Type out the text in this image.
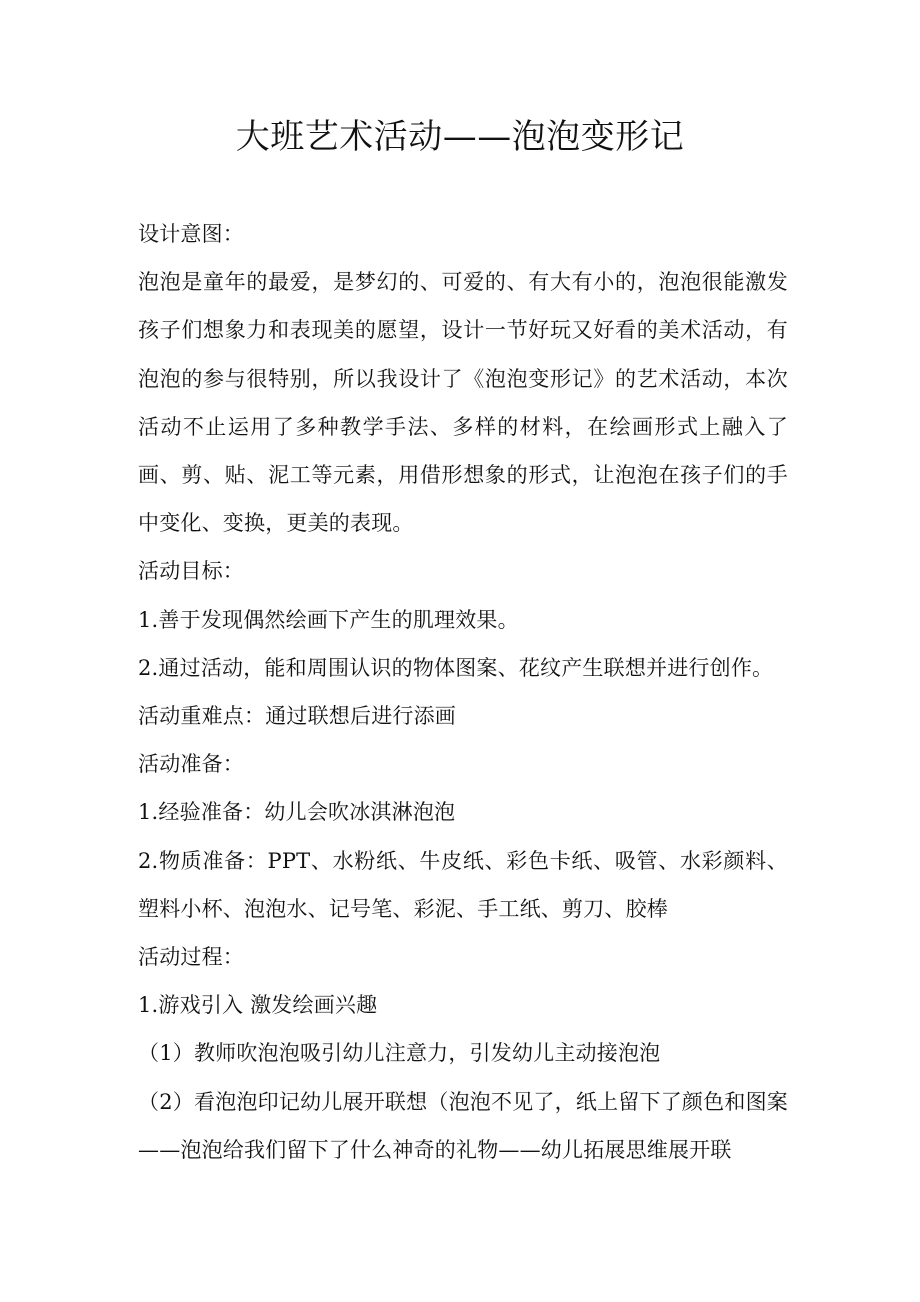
大班艺术活动——泡泡变形记

设计意图：

泡泡是童年的最爱，是梦幻的、可爱的、有大有小的，泡泡很能激发孩子们想象力和表现美的愿望，设计一节好玩又好看的美术活动，有泡泡的参与很特别，所以我设计了《泡泡变形记》的艺术活动，本次活动不止运用了多种教学手法、多样的材料，在绘画形式上融入了画、剪、贴、泥工等元素，用借形想象的形式，让泡泡在孩子们的手中变化、变换，更美的表现。

活动目标：

1.善于发现偶然绘画下产生的肌理效果。

2.通过活动，能和周围认识的物体图案、花纹产生联想并进行创作。

活动重难点：通过联想后进行添画

活动准备：

1.经验准备：幼儿会吹冰淇淋泡泡

2.物质准备：PPT、水粉纸、牛皮纸、彩色卡纸、吸管、水彩颜料、塑料小杯、泡泡水、记号笔、彩泥、手工纸、剪刀、胶棒

活动过程：

1.游戏引入 激发绘画兴趣

（1）教师吹泡泡吸引幼儿注意力，引发幼儿主动接泡泡

（2）看泡泡印记幼儿展开联想（泡泡不见了，纸上留下了颜色和图案——泡泡给我们留下了什么神奇的礼物——幼儿拓展思维展开联
